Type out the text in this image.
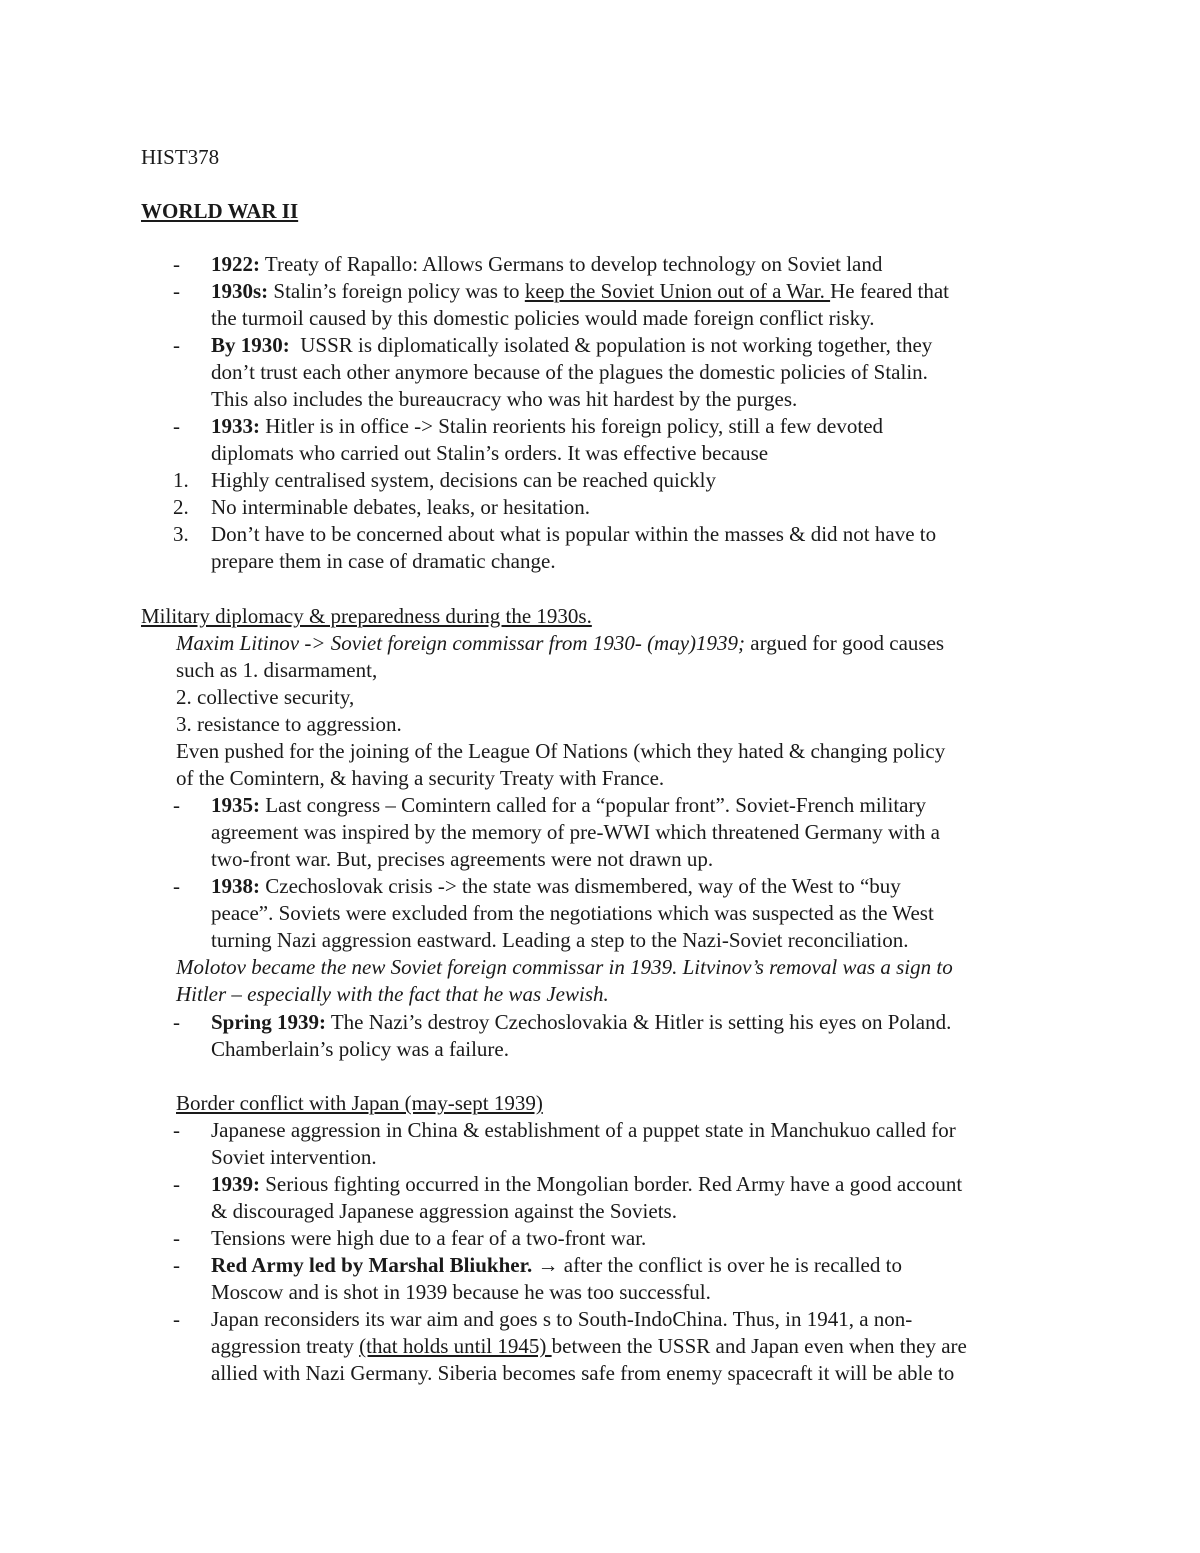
HIST378
WORLD WAR II
- 1922: Treaty of Rapallo: Allows Germans to develop technology on Soviet land
- 1930s: Stalin’s foreign policy was to keep the Soviet Union out of a War. He feared that
the turmoil caused by this domestic policies would made foreign conflict risky.
- By 1930: USSR is diplomatically isolated & population is not working together, they
don’t trust each other anymore because of the plagues the domestic policies of Stalin.
This also includes the bureaucracy who was hit hardest by the purges.
- 1933: Hitler is in office -> Stalin reorients his foreign policy, still a few devoted
diplomats who carried out Stalin’s orders. It was effective because
1. Highly centralised system, decisions can be reached quickly
2. No interminable debates, leaks, or hesitation.
3. Don’t have to be concerned about what is popular within the masses & did not have to
prepare them in case of dramatic change.
Military diplomacy & preparedness during the 1930s.
Maxim Litinov -> Soviet foreign commissar from 1930- (may)1939; argued for good causes
such as 1. disarmament,
2. collective security,
3. resistance to aggression.
Even pushed for the joining of the League Of Nations (which they hated & changing policy
of the Comintern, & having a security Treaty with France.
- 1935: Last congress – Comintern called for a “popular front”. Soviet-French military
agreement was inspired by the memory of pre-WWI which threatened Germany with a
two-front war. But, precises agreements were not drawn up.
- 1938: Czechoslovak crisis -> the state was dismembered, way of the West to “buy
peace”. Soviets were excluded from the negotiations which was suspected as the West
turning Nazi aggression eastward. Leading a step to the Nazi-Soviet reconciliation.
Molotov became the new Soviet foreign commissar in 1939. Litvinov’s removal was a sign to
Hitler – especially with the fact that he was Jewish.
- Spring 1939: The Nazi’s destroy Czechoslovakia & Hitler is setting his eyes on Poland.
Chamberlain’s policy was a failure.
Border conflict with Japan (may-sept 1939)
- Japanese aggression in China & establishment of a puppet state in Manchukuo called for
Soviet intervention.
- 1939: Serious fighting occurred in the Mongolian border. Red Army have a good account
& discouraged Japanese aggression against the Soviets.
- Tensions were high due to a fear of a two-front war.
- Red Army led by Marshal Bliukher. → after the conflict is over he is recalled to
Moscow and is shot in 1939 because he was too successful.
- Japan reconsiders its war aim and goes s to South-IndoChina. Thus, in 1941, a non-
aggression treaty (that holds until 1945) between the USSR and Japan even when they are
allied with Nazi Germany. Siberia becomes safe from enemy spacecraft it will be able to
